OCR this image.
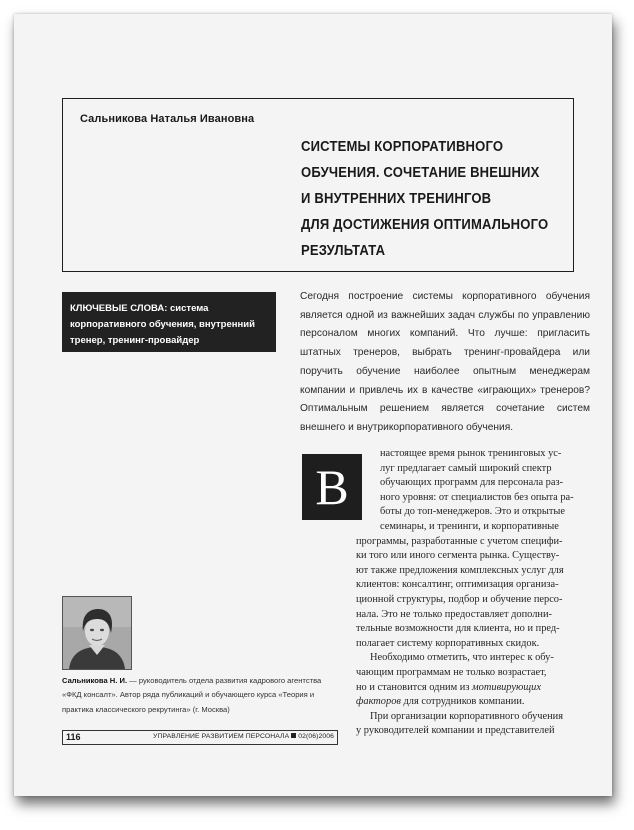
Сальникова Наталья Ивановна
СИСТЕМЫ КОРПОРАТИВНОГО
ОБУЧЕНИЯ. СОЧЕТАНИЕ ВНЕШНИХ
И ВНУТРЕННИХ ТРЕНИНГОВ
ДЛЯ ДОСТИЖЕНИЯ ОПТИМАЛЬНОГО
РЕЗУЛЬТАТА
КЛЮЧЕВЫЕ СЛОВА: система корпоративного обучения, внутренний тренер, тренинг-провайдер
Сегодня построение системы корпоративного обучения является одной из важнейших задач службы по управлению персоналом многих компаний. Что лучше: пригласить штатных тренеров, выбрать тренинг-провайдера или поручить обучение наиболее опытным менеджерам компании и привлечь их в качестве «играющих» тренеров? Оптимальным решением является сочетание систем внешнего и внутрикорпоративного обучения.
В
настоящее время рынок тренинговых ус-
луг предлагает самый широкий спектр
обучающих программ для персонала раз-
ного уровня: от специалистов без опыта ра-
боты до топ-менеджеров. Это и открытые
семинары, и тренинги, и корпоративные
программы, разработанные с учетом специфи-
ки того или иного сегмента рынка. Существу-
ют также предложения комплексных услуг для
клиентов: консалтинг, оптимизация организа-
ционной структуры, подбор и обучение персо-
нала. Это не только предоставляет дополни-
тельные возможности для клиента, но и пред-
полагает систему корпоративных скидок.
Необходимо отметить, что интерес к обу-
чающим программам не только возрастает,
но и становится одним из мотивирующих
факторов для сотрудников компании.
При организации корпоративного обучения
у руководителей компании и представителей
Сальникова Н. И. — руководитель отдела развития кадрового агентства «ФКД консалт». Автор ряда публикаций и обучающего курса «Теория и практика классического рекрутинга» (г. Москва)
116	УПРАВЛЕНИЕ РАЗВИТИЕМ ПЕРСОНАЛА 02(06)2006
